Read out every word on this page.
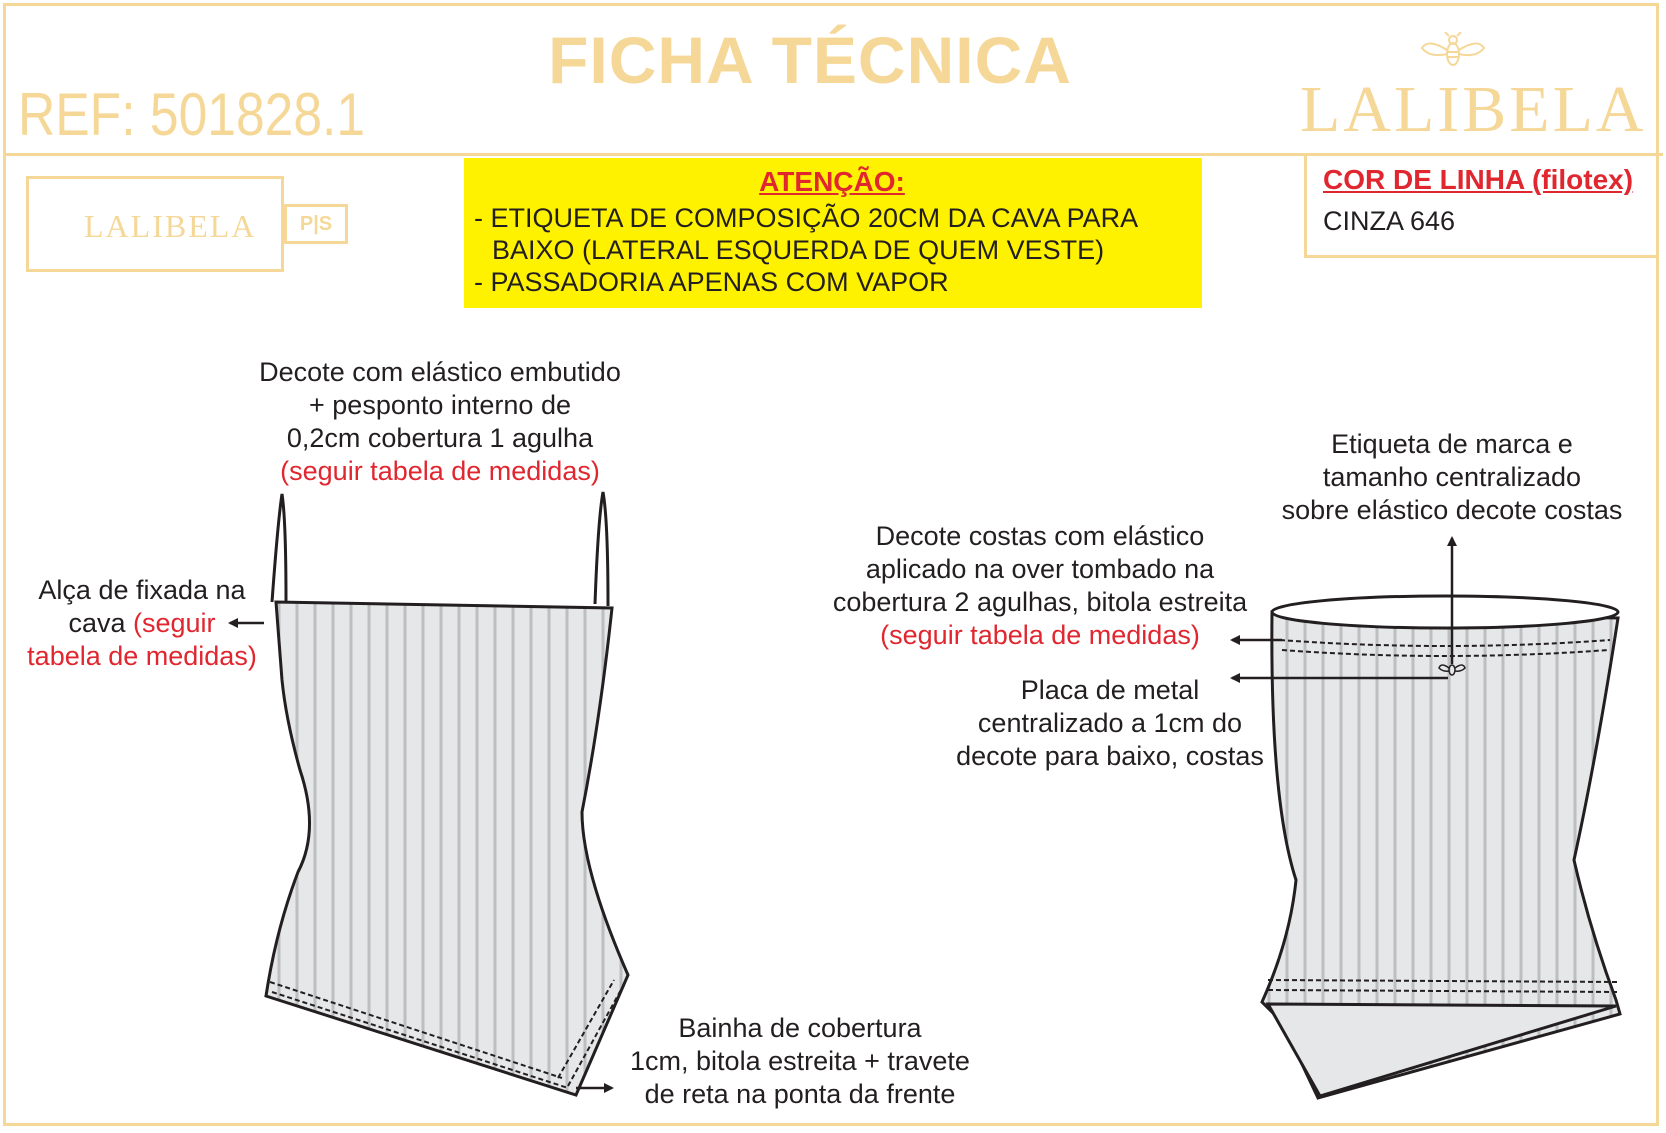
FICHA TÉCNICA
REF: 501828.1	LALIBELA
LALIBELA	P|S
ATENÇÃO:
- ETIQUETA DE COMPOSIÇÃO 20CM DA CAVA PARA
BAIXO (LATERAL ESQUERDA DE QUEM VESTE)
- PASSADORIA APENAS COM VAPOR
COR DE LINHA (filotex)
CINZA 646
Decote com elástico embutido
+ pesponto interno de
0,2cm cobertura 1 agulha
(seguir tabela de medidas)
Alça de fixada na
cava (seguir
tabela de medidas)
Bainha de cobertura
1cm, bitola estreita + travete
de reta na ponta da frente
Etiqueta de marca e
tamanho centralizado
sobre elástico decote costas
Decote costas com elástico
aplicado na over tombado na
cobertura 2 agulhas, bitola estreita
(seguir tabela de medidas)
Placa de metal
centralizado a 1cm do
decote para baixo, costas
